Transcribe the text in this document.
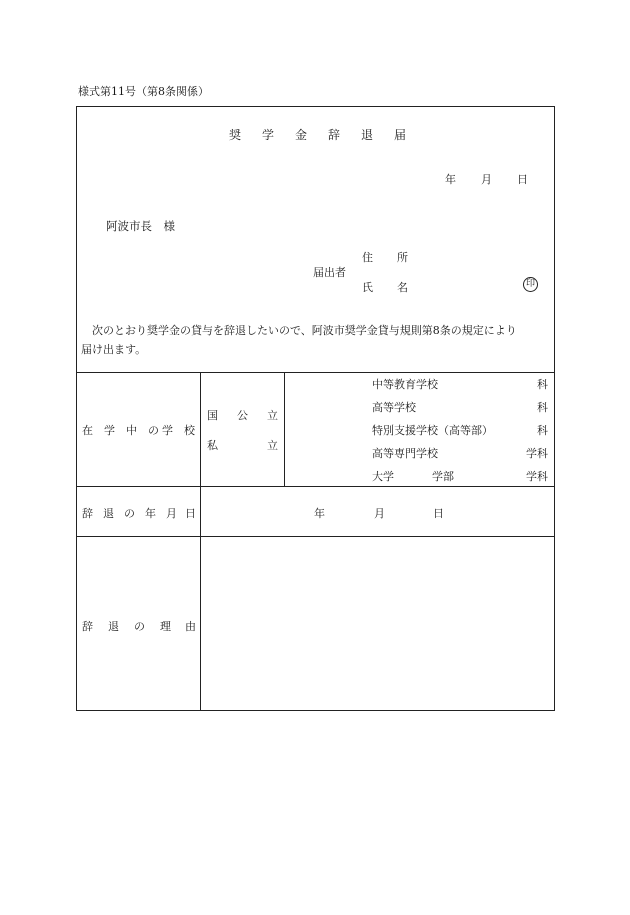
様式第11号（第8条関係）
奨 学 金 辞 退 届
年 月 日
阿波市長　様
住 所
届出者
氏 名	印
次のとおり奨学金の貸与を辞退したいので、阿波市奨学金貸与規則第8条の規定により
届け出ます。
在 学 中 の 学 校
国 公 立
私	立
中等教育学校	科
高等学校	科
特別支援学校（高等部）	科
高等専門学校	学科
大学	学部	学科
辞 退 の 年 月 日	年	月	日
辞 退 の 理 由
